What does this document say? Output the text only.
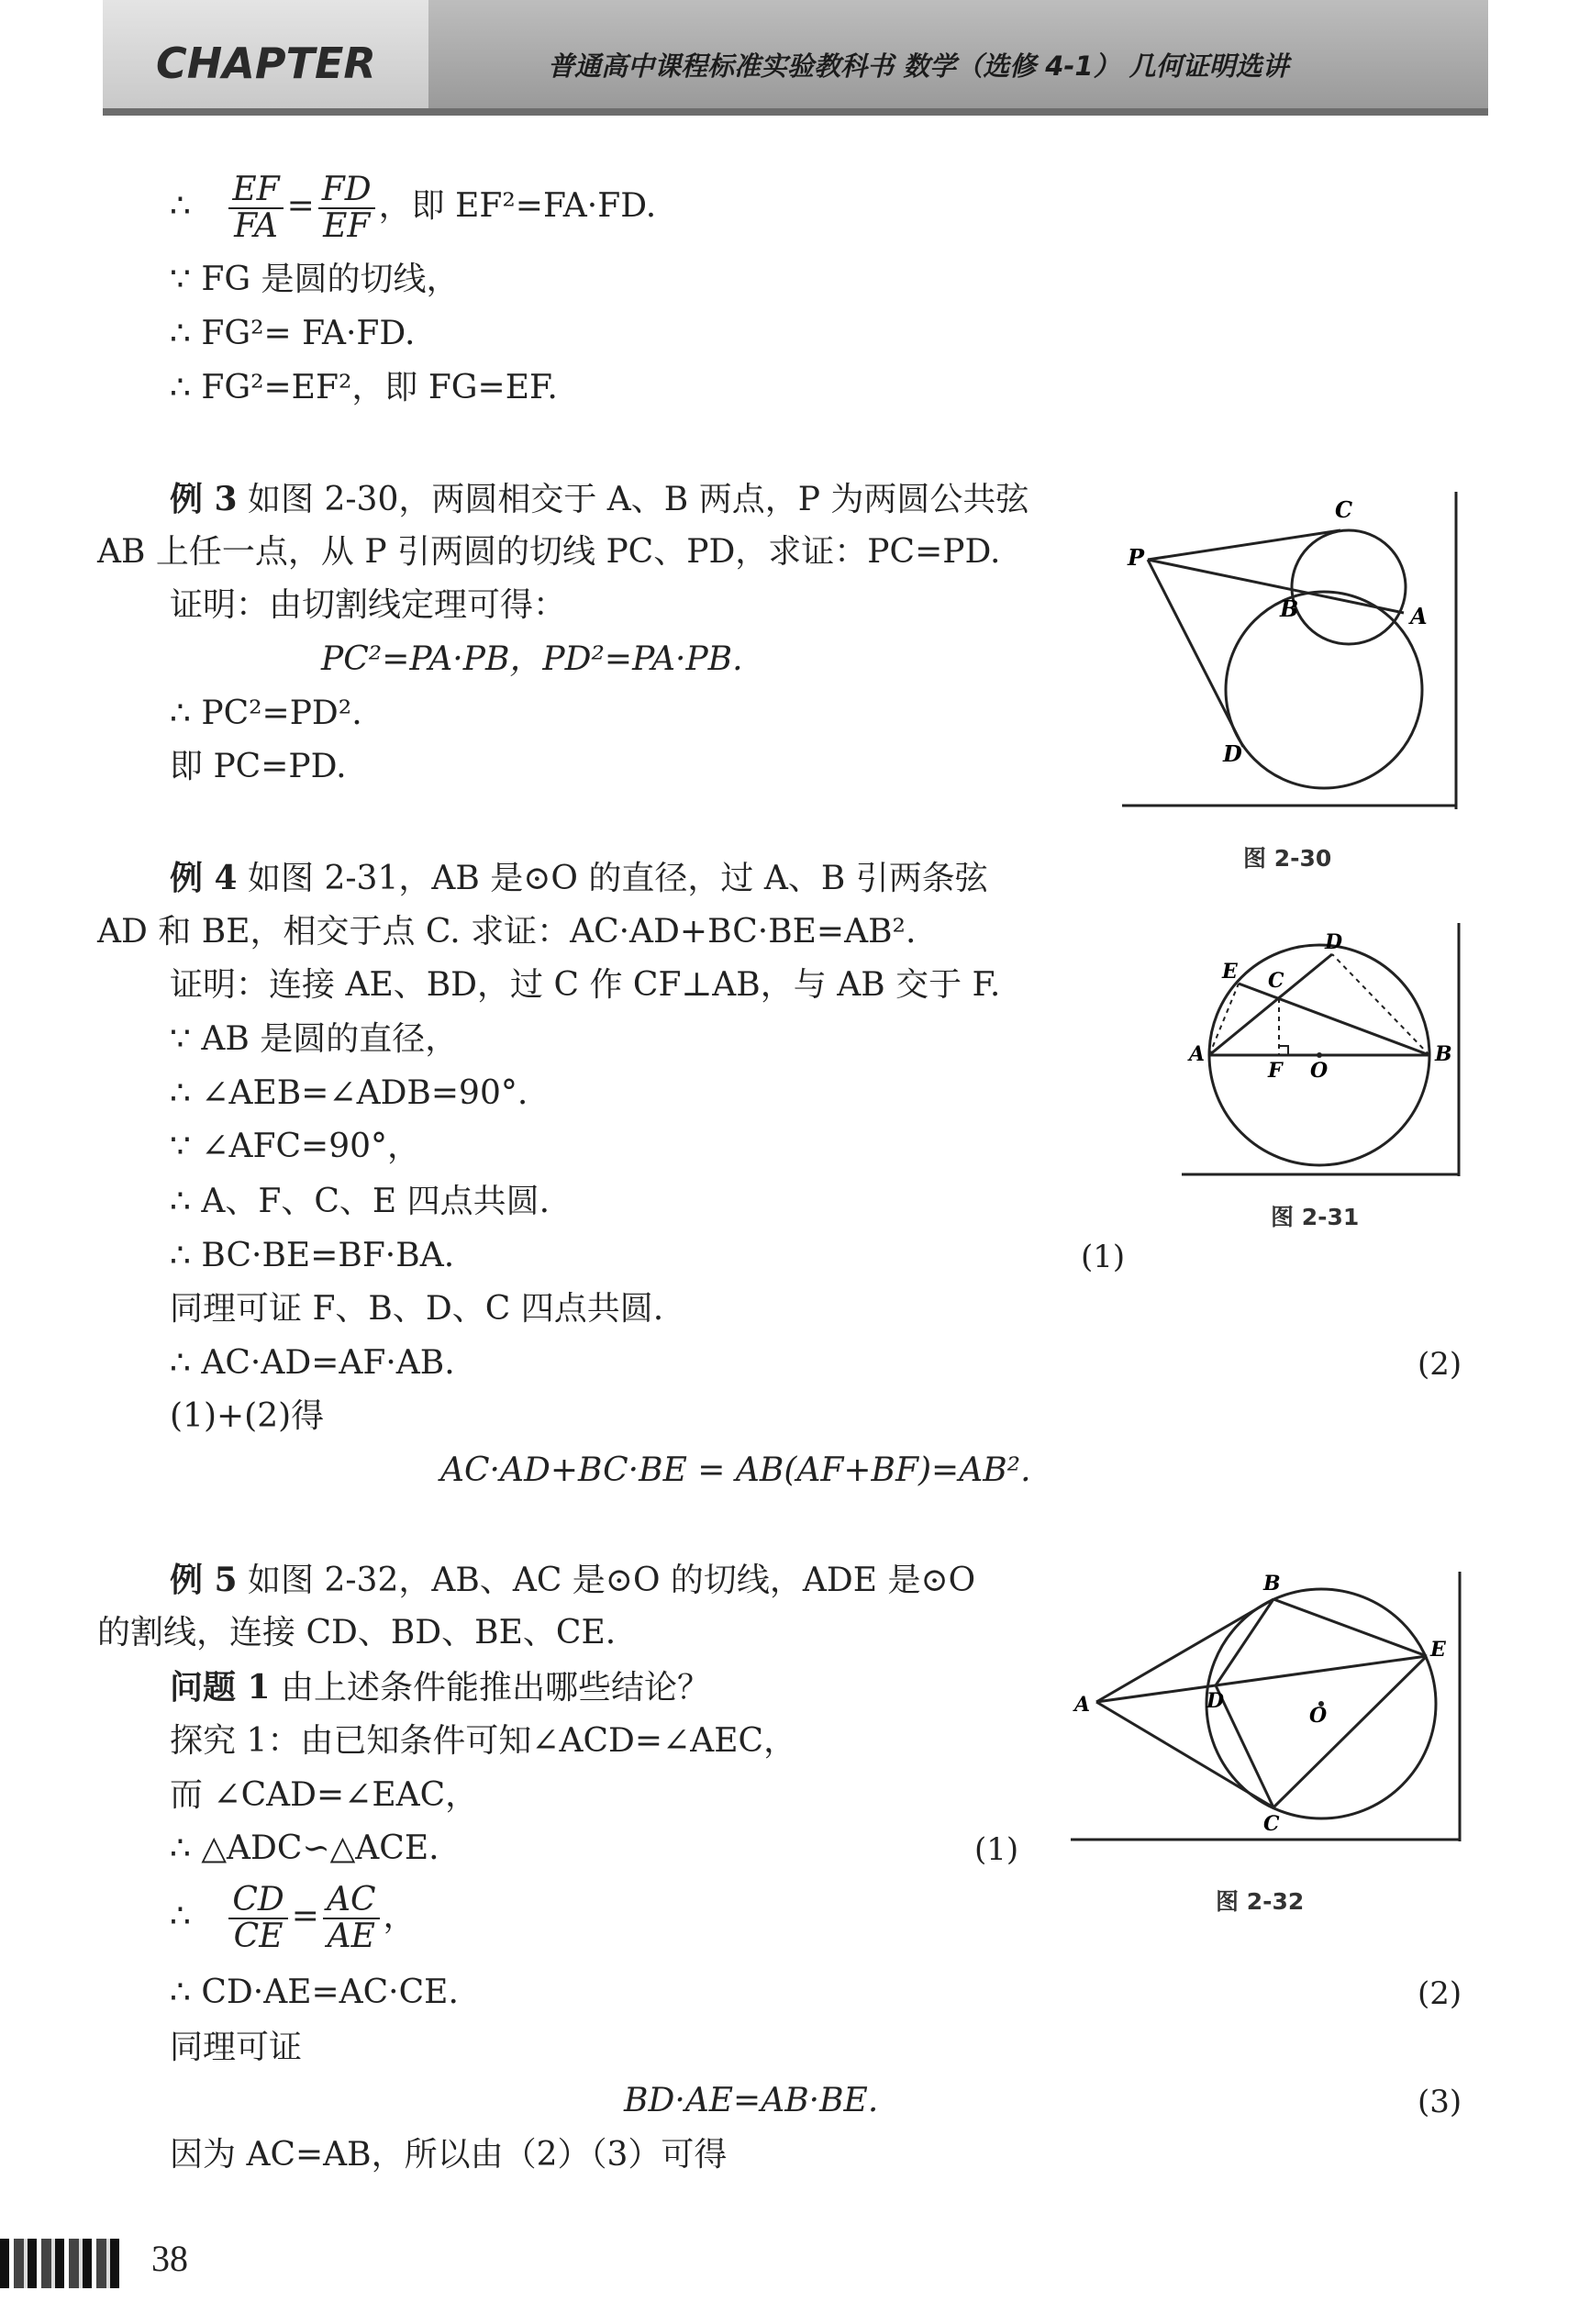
CHAPTER	普通高中课程标准实验教科书 数学（选修 4-1） 几何证明选讲
∴ $\frac{EF}{FA} = \frac{FD}{EF}$ ，即 EF²=FA·FD.
∵ FG 是圆的切线，
∴ FG²= FA·FD.
∴ FG²=EF²，即 FG=EF.
例 3 如图 2-30，两圆相交于 A、B 两点，P 为两圆公共弦
AB 上任一点，从 P 引两圆的切线 PC、PD，求证：PC=PD.
证明：由切割线定理可得：
PC²=PA·PB，PD²=PA·PB.
∴ PC²=PD².
即 PC=PD.
P
C
B	A
D
图 2-30
例 4 如图 2-31，AB 是⊙O 的直径，过 A、B 引两条弦
AD 和 BE，相交于点 C. 求证：AC·AD+BC·BE=AB².
证明：连接 AE、BD，过 C 作 CF⊥AB，与 AB 交于 F.
∵ AB 是圆的直径，
∴ ∠AEB=∠ADB=90°.
∵ ∠AFC=90°，
∴ A、F、C、E 四点共圆.
∴ BC·BE=BF·BA.	(1)
同理可证 F、B、D、C 四点共圆.
∴ AC·AD=AF·AB.	(2)
(1)+(2)得
AC·AD+BC·BE = AB(AF+BF)=AB².
A	B
C
D
E
F O
图 2-31
例 5 如图 2-32，AB、AC 是⊙O 的切线，ADE 是⊙O
的割线，连接 CD、BD、BE、CE.
问题 1 由上述条件能推出哪些结论？
探究 1：由已知条件可知∠ACD=∠AEC，
而 ∠CAD=∠EAC，
∴ △ADC∽△ACE.	(1)
∴ $\frac{CD}{CE} = \frac{AC}{AE}$ ，
∴ CD·AE=AC·CE.	(2)
同理可证
BD·AE=AB·BE.	(3)
因为 AC=AB，所以由（2）（3）可得
A
B
C
D
E
O
图 2-32
38
